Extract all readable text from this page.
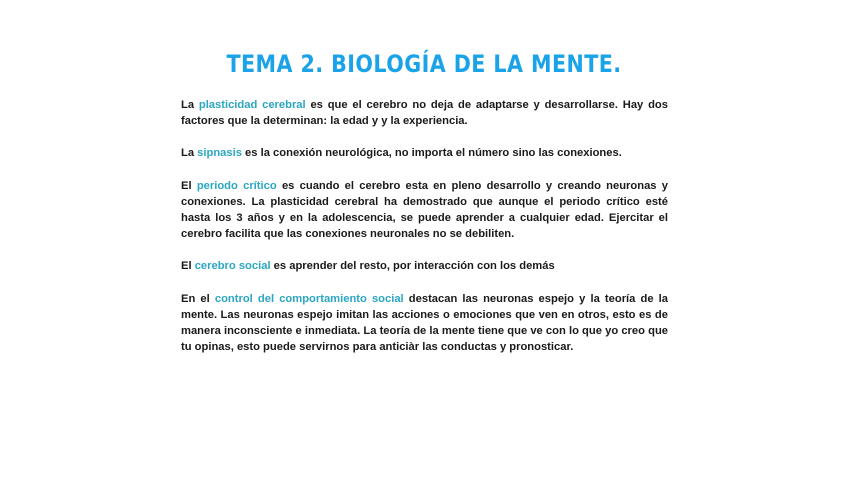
TEMA 2. BIOLOGÍA DE LA MENTE.

La plasticidad cerebral es que el cerebro no deja de adaptarse y desarrollarse. Hay dos factores que la determinan: la edad y y la experiencia.

La sipnasis es la conexión neurológica, no importa el número sino las conexiones.

El periodo crítico es cuando el cerebro esta en pleno desarrollo y creando neuronas y conexiones. La plasticidad cerebral ha demostrado que aunque el periodo crítico esté hasta los 3 años y en la adolescencia, se puede aprender a cualquier edad. Ejercitar el cerebro facilita que las conexiones neuronales no se debiliten.

El cerebro social es aprender del resto, por interacción con los demás

En el control del comportamiento social destacan las neuronas espejo y la teoría de la mente. Las neuronas espejo imitan las acciones o emociones que ven en otros, esto es de manera inconsciente e inmediata. La teoría de la mente tiene que ve con lo que yo creo que tu opinas, esto puede servirnos para anticiàr las conductas y pronosticar.
